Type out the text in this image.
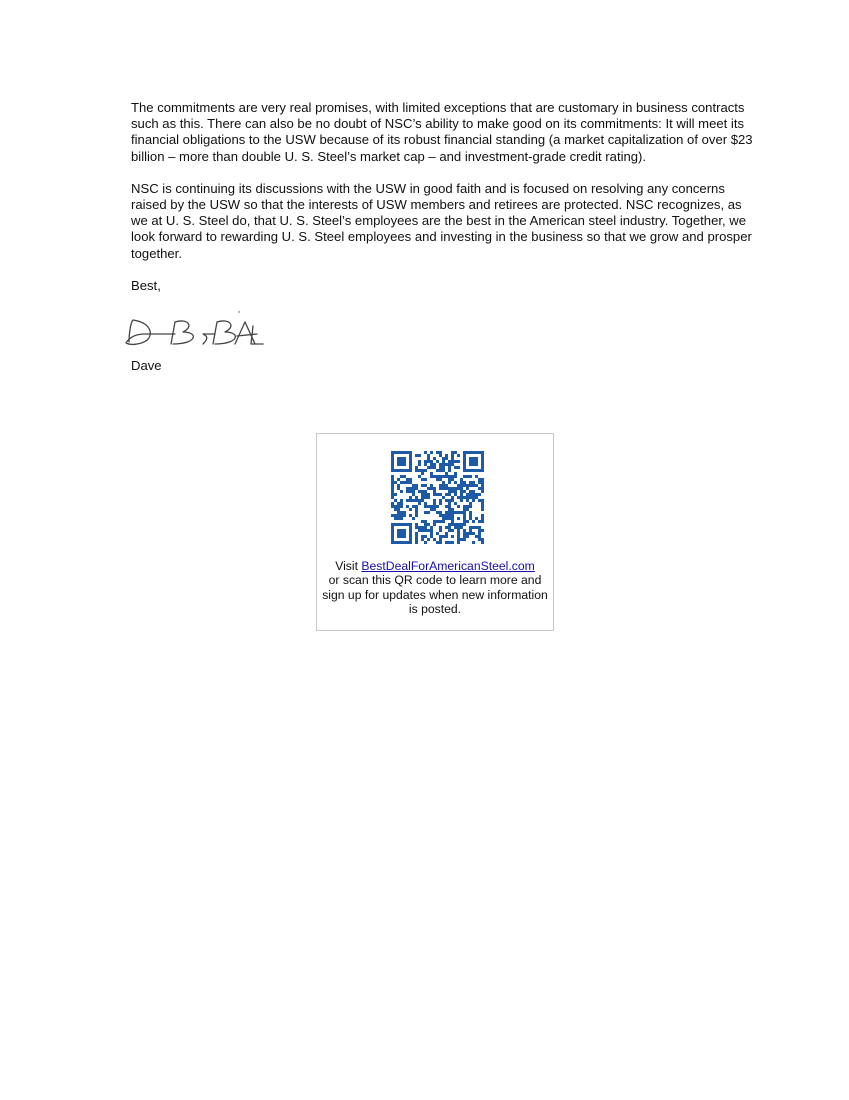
The commitments are very real promises, with limited exceptions that are customary in business contracts such as this. There can also be no doubt of NSC’s ability to make good on its commitments: It will meet its financial obligations to the USW because of its robust financial standing (a market capitalization of over $23 billion – more than double U. S. Steel’s market cap – and investment-grade credit rating).

NSC is continuing its discussions with the USW in good faith and is focused on resolving any concerns raised by the USW so that the interests of USW members and retirees are protected. NSC recognizes, as we at U. S. Steel do, that U. S. Steel’s employees are the best in the American steel industry. Together, we look forward to rewarding U. S. Steel employees and investing in the business so that we grow and prosper together.

Best,

Dave

Visit BestDealForAmericanSteel.com
or scan this QR code to learn more and sign up for updates when new information is posted.
